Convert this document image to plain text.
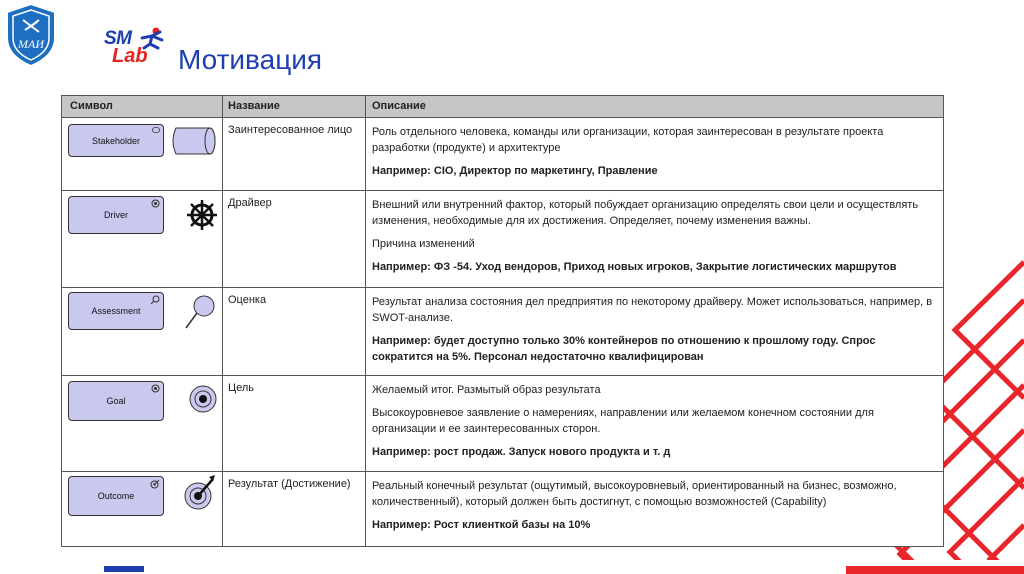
МАИ	SM
Lab Мотивация
Символ	Название	Описание
Stakeholder
Заинтересованное лицо	Роль отдельного человека, команды или организации, которая заинтересован в результате проекта разработки (продукте) и архитектуре

Например: CIO, Директор по маркетингу, Правление

Driver
Драйвер	Внешний или внутренний фактор, который побуждает организацию определять свои цели и осуществлять изменения, необходимые для их достижения. Определяет, почему изменения важны.

Причина изменений

Например: ФЗ -54. Уход вендоров, Приход новых игроков, Закрытие логистических маршрутов

Assessment
Оценка	Результат анализа состояния дел предприятия по некоторому драйверу. Может использоваться, например, в SWOT-анализе.

Например: будет доступно только 30% контейнеров по отношению к прошлому году. Спрос сократится на 5%. Персонал недостаточно квалифицирован

Goal
Цель	Желаемый итог. Размытый образ результата

Высокоуровневое заявление о намерениях, направлении или желаемом конечном состоянии для организации и ее заинтересованных сторон.

Например: рост продаж. Запуск нового продукта и т. д

Outcome
Результат (Достижение)	Реальный конечный результат (ощутимый, высокоуровневый, ориентированный на бизнес, возможно, количественный), который должен быть достигнут, с помощью возможностей (Capability)

Например: Рост клиенткой базы на 10%
